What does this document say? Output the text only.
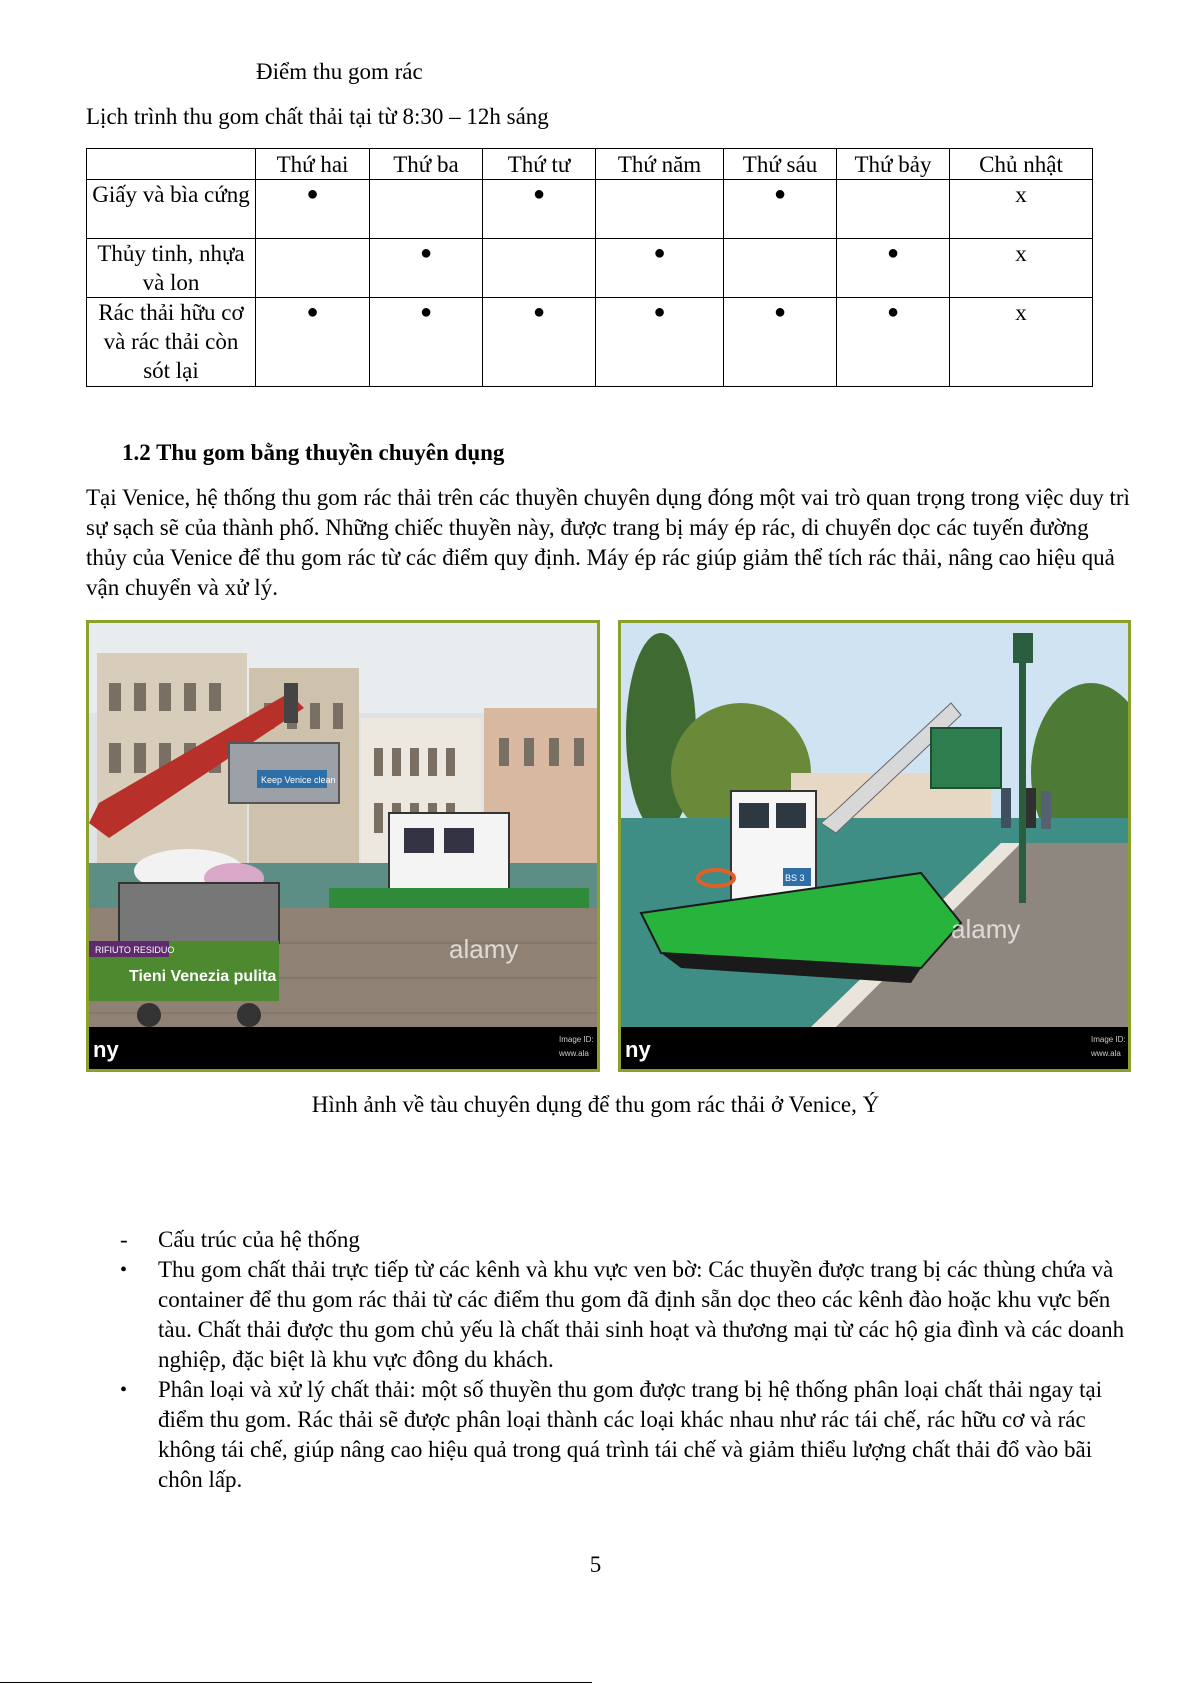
Điểm thu gom rác
Lịch trình thu gom chất thải tại từ 8:30 – 12h sáng
	Thứ hai	Thứ ba	Thứ tư	Thứ năm	Thứ sáu	Thứ bảy	Chủ nhật
Giấy và bìa cứng	●		●		●		x
Thủy tinh, nhựa và lon		●		●		●	x
Rác thải hữu cơ và rác thải còn sót lại	●	●	●	●	●	●	x
1.2 Thu gom bằng thuyền chuyên dụng
Tại Venice, hệ thống thu gom rác thải trên các thuyền chuyên dụng đóng một vai trò quan trọng trong việc duy trì sự sạch sẽ của thành phố. Những chiếc thuyền này, được trang bị máy ép rác, di chuyển dọc các tuyến đường thủy của Venice để thu gom rác từ các điểm quy định. Máy ép rác giúp giảm thể tích rác thải, nâng cao hiệu quả vận chuyển và xử lý.
Keep Venice clean
RIFIUTO RESIDUO
Tieni Venezia pulita
alamy
ny	Image ID:
www.ala
BS 3
alamy
ny	Image ID:
www.ala
Hình ảnh về tàu chuyên dụng để thu gom rác thải ở Venice, Ý
- Cấu trúc của hệ thống
• Thu gom chất thải trực tiếp từ các kênh và khu vực ven bờ: Các thuyền được trang bị các thùng chứa và container để thu gom rác thải từ các điểm thu gom đã định sẵn dọc theo các kênh đào hoặc khu vực bến tàu. Chất thải được thu gom chủ yếu là chất thải sinh hoạt và thương mại từ các hộ gia đình và các doanh nghiệp, đặc biệt là khu vực đông du khách.
• Phân loại và xử lý chất thải: một số thuyền thu gom được trang bị hệ thống phân loại chất thải ngay tại điểm thu gom. Rác thải sẽ được phân loại thành các loại khác nhau như rác tái chế, rác hữu cơ và rác không tái chế, giúp nâng cao hiệu quả trong quá trình tái chế và giảm thiểu lượng chất thải đổ vào bãi chôn lấp.
5
